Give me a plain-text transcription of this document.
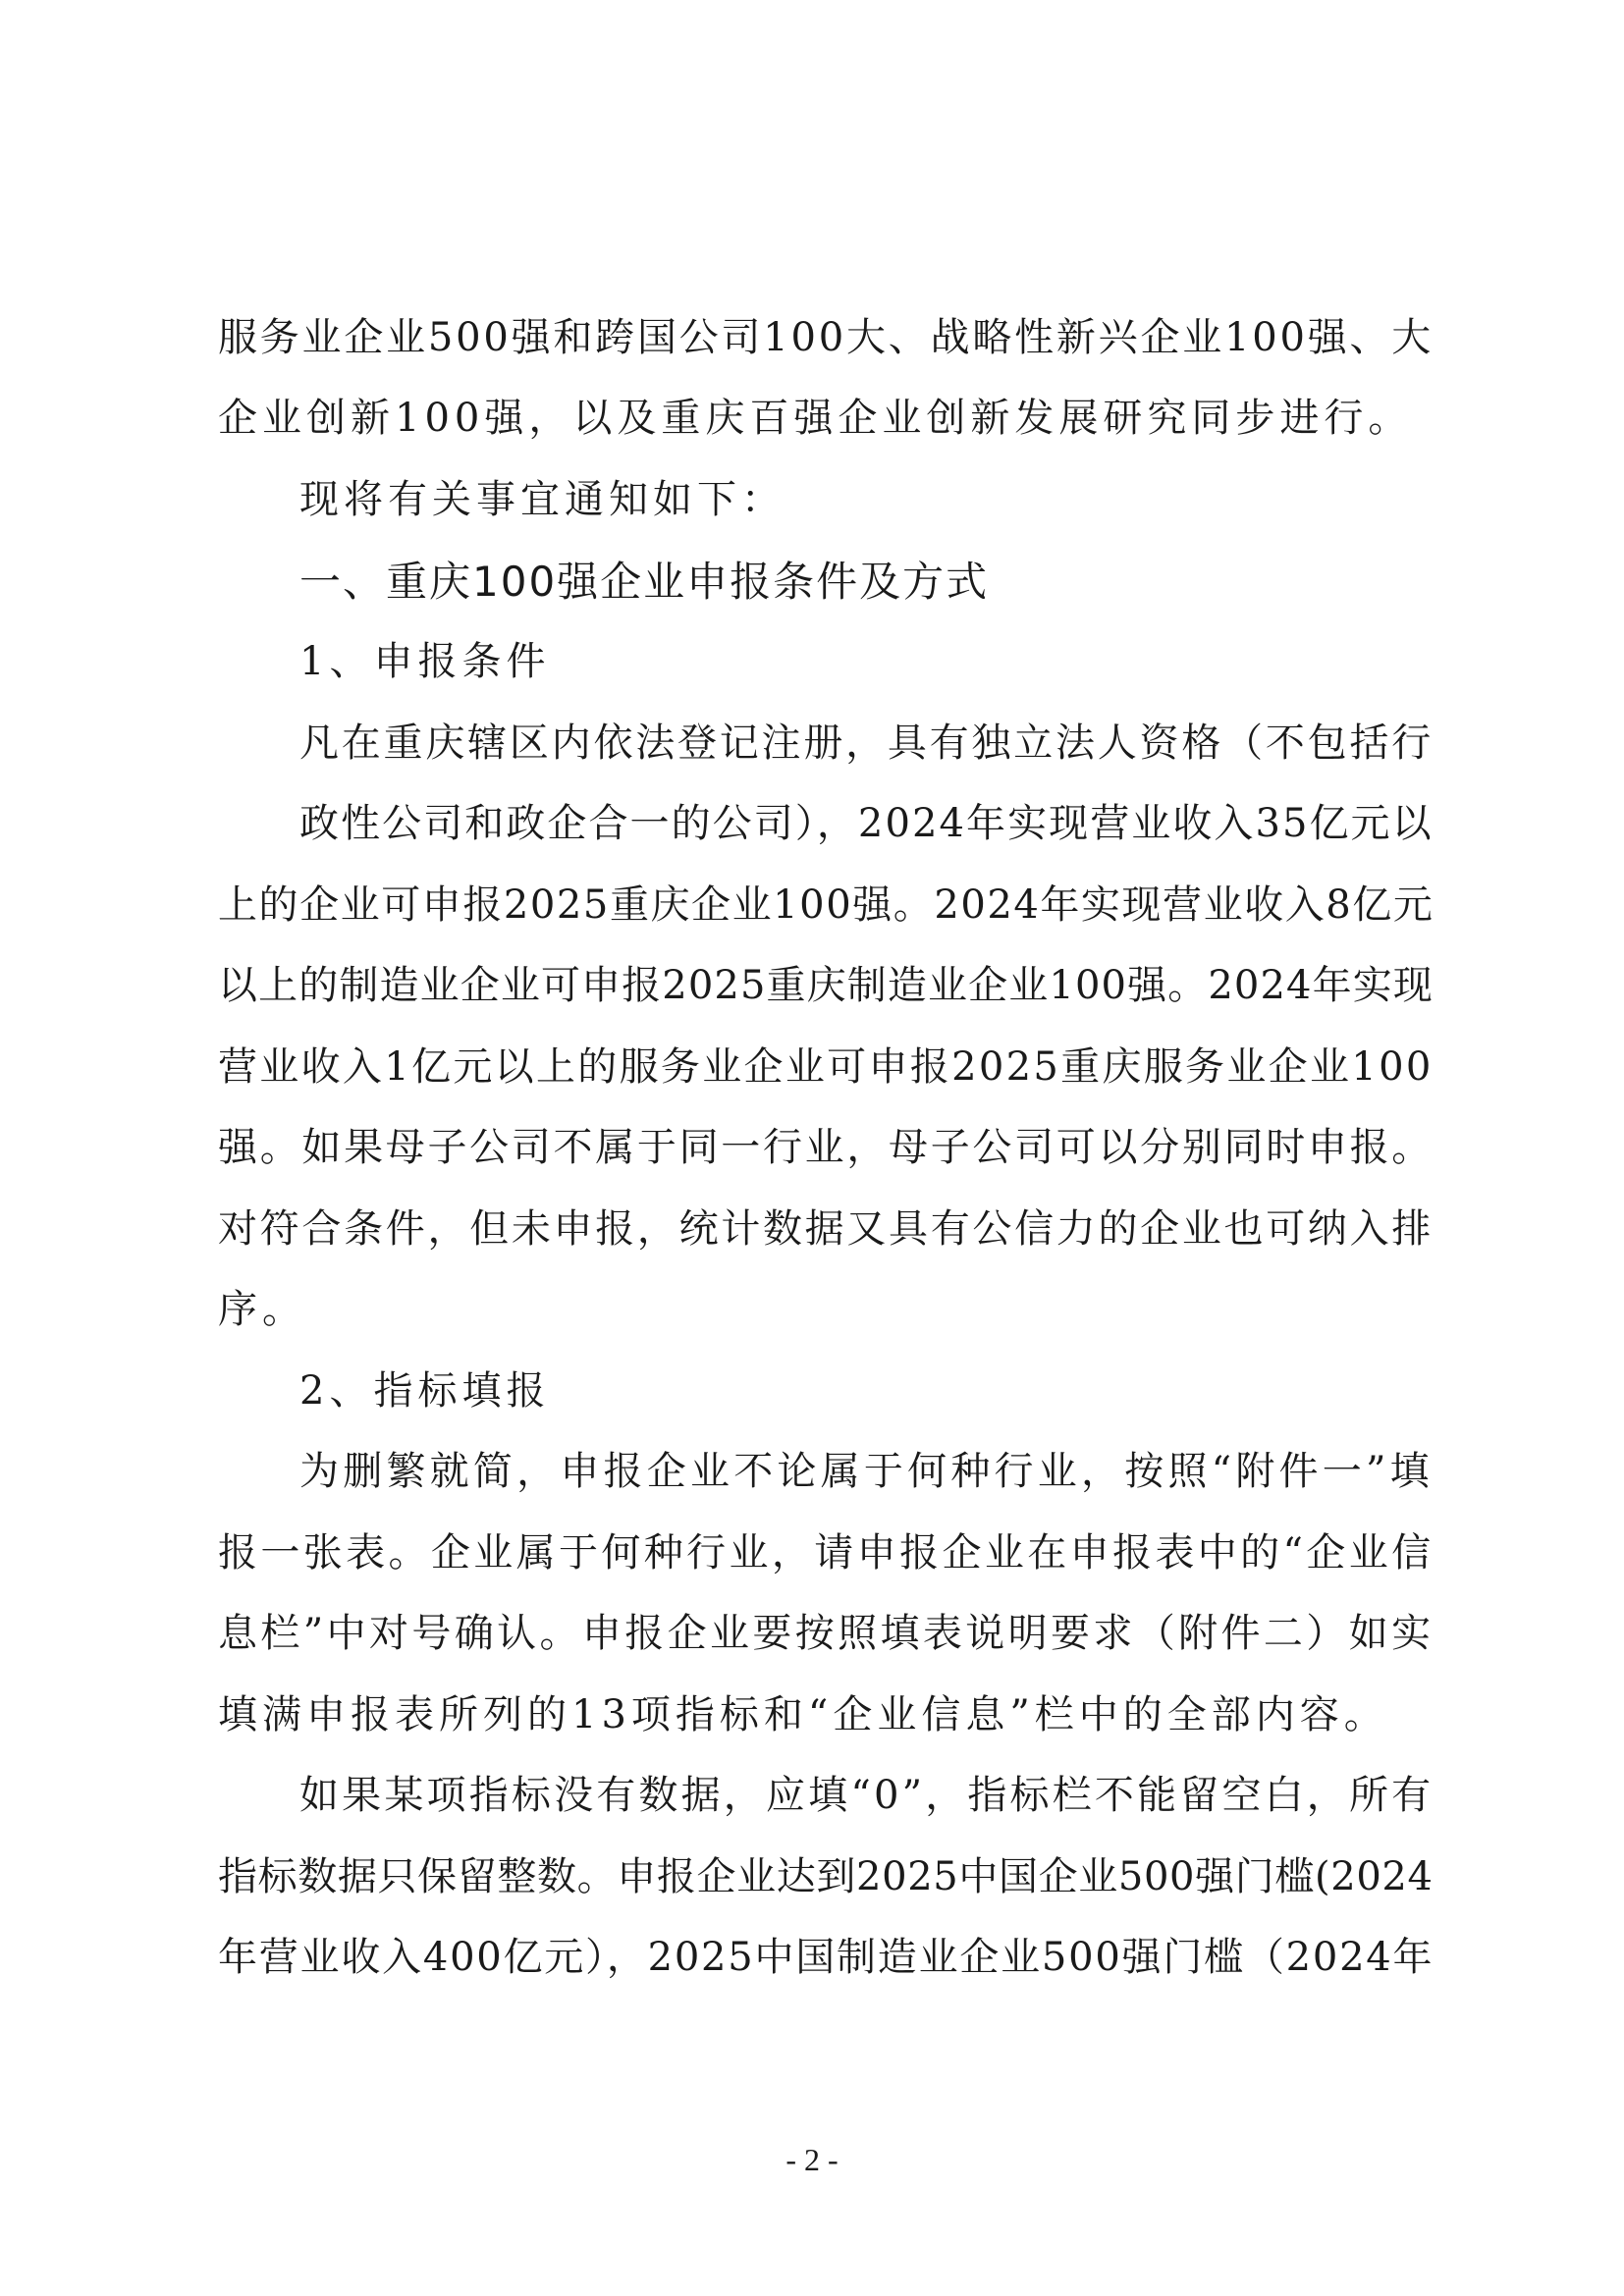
服务业企业500强和跨国公司100大、战略性新兴企业100强、大
企业创新100强，以及重庆百强企业创新发展研究同步进行。
现将有关事宜通知如下：
一、重庆100强企业申报条件及方式
1、申报条件
凡在重庆辖区内依法登记注册，具有独立法人资格（不包括行
政性公司和政企合一的公司），2024年实现营业收入35亿元以
上的企业可申报2025重庆企业100强。2024年实现营业收入8亿元
以上的制造业企业可申报2025重庆制造业企业100强。2024年实现
营业收入1亿元以上的服务业企业可申报2025重庆服务业企业100
强。如果母子公司不属于同一行业，母子公司可以分别同时申报。
对符合条件，但未申报，统计数据又具有公信力的企业也可纳入排
序。
2、指标填报
为删繁就简，申报企业不论属于何种行业，按照“附件一”填
报一张表。企业属于何种行业，请申报企业在申报表中的“企业信
息栏”中对号确认。申报企业要按照填表说明要求（附件二）如实
填满申报表所列的13项指标和“企业信息”栏中的全部内容。
如果某项指标没有数据，应填“0”，指标栏不能留空白，所有
指标数据只保留整数。申报企业达到2025中国企业500强门槛(2024
年营业收入400亿元），2025中国制造业企业500强门槛（2024年
- 2 -
